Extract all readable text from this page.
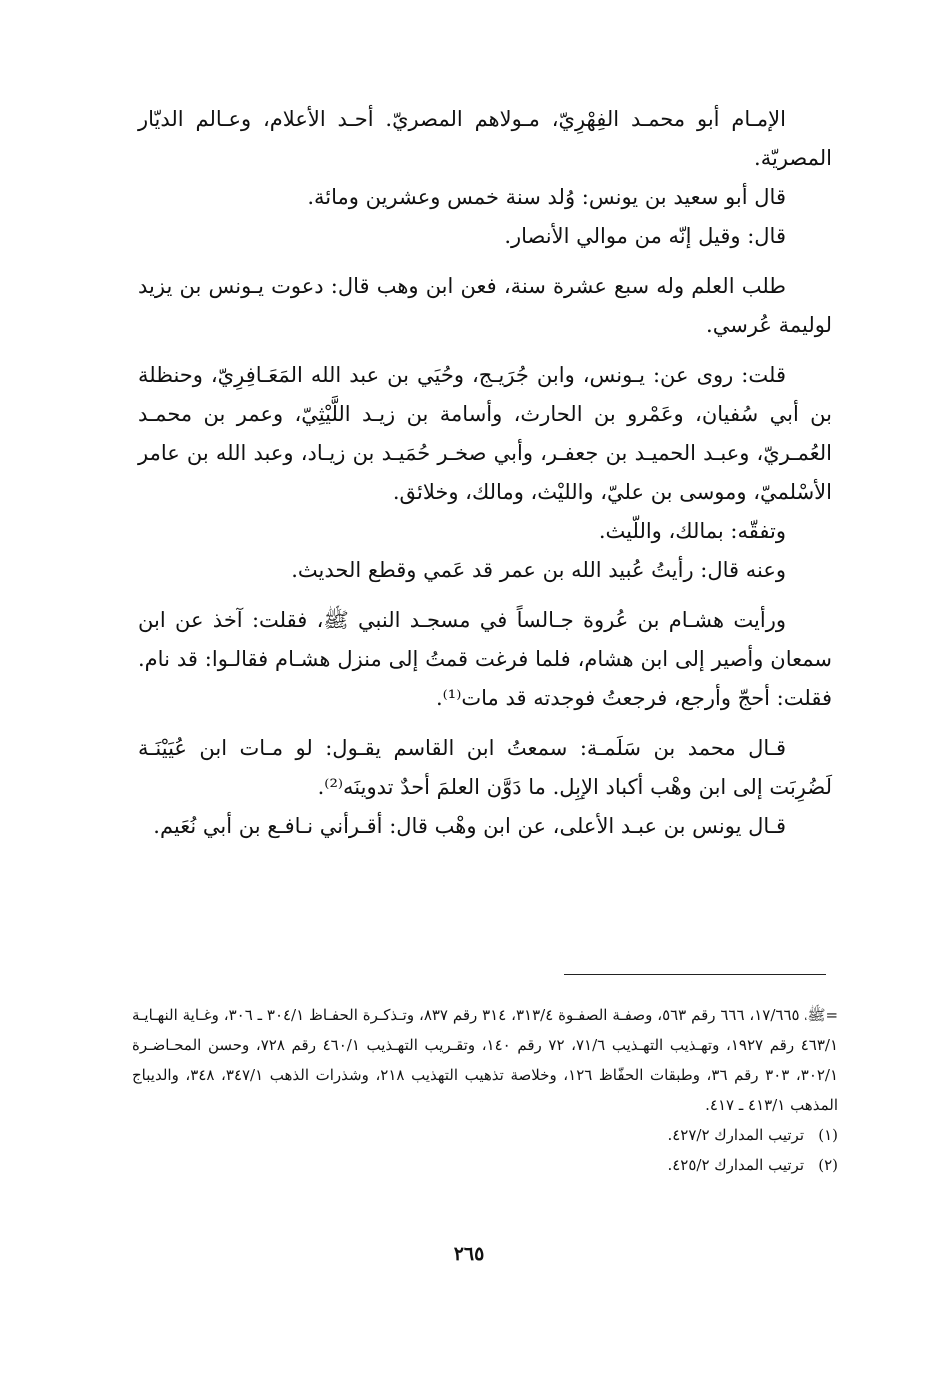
الإمـام أبو محمـد الفِهْرِيّ، مـولاهم المصريّ. أحـد الأعلام، وعـالم الديّار المصريّة.

قال أبو سعيد بن يونس: وُلد سنة خمس وعشرين ومائة.

قال: وقيل إنّه من موالي الأنصار.

طلب العلم وله سبع عشرة سنة، فعن ابن وهب قال: دعوت يـونس بن يزيد لوليمة عُرسي.

قلت: روى عن: يـونس، وابن جُرَيـج، وحُيَي بن عبد الله المَعَـافِرِيّ، وحنظلة بن أبي سُفيان، وعَمْرو بن الحارث، وأسامة بن زيـد اللَّيْثِيّ، وعمر بن محمـد العُمـريّ، وعبـد الحميـد بن جعفـر، وأبي صخـر حُمَيـد بن زيـاد، وعبد الله بن عامر الأسْلميّ، وموسى بن عليّ، والليْث، ومالك، وخلائق.

وتفقّه: بمالك، واللّيث.

وعنه قال: رأيتُ عُبيد الله بن عمر قد عَمي وقطع الحديث.

ورأيت هشـام بن عُروة جـالساً في مسجـد النبي ﷺ، فقلت: آخذ عن ابن سمعان وأصير إلى ابن هشام، فلما فرغت قمتُ إلى منزل هشـام فقالـوا: قد نام. فقلت: أحجّ وأرجع، فرجعتُ فوجدته قد مات⁽¹⁾.

قـال محمد بن سَلَمـة: سمعتُ ابن القاسم يقـول: لو مـات ابن عُيَيْنَـة لَضُرِبَت إلى ابن وهْب أكباد الإبِل. ما دَوَّن العلمَ أحدٌ تدوينَه⁽²⁾.

قـال يونس بن عبـد الأعلى، عن ابن وهْب قال: أقـرأني نـافـع بن أبي نُعَيم.

=ﷺ، ١٧/٦٦٥، ٦٦٦ رقم ٥٦٣، وصفـة الصفـوة ٣١٣/٤، ٣١٤ رقم ٨٣٧، وتـذكـرة الحفـاظ ٣٠٤/١ ـ ٣٠٦، وغـاية النهـايـة ٤٦٣/١ رقم ١٩٢٧، وتهـذيب التهـذيب ٧١/٦، ٧٢ رقم ١٤٠، وتقـريب التهـذيب ٤٦٠/١ رقم ٧٢٨، وحسن المحـاضـرة ٣٠٢/١، ٣٠٣ رقم ٣٦، وطبقات الحفّاظ ١٢٦، وخلاصة تذهيب التهذيب ٢١٨، وشذرات الذهب ٣٤٧/١، ٣٤٨، والديباج المذهب ٤١٣/١ ـ ٤١٧.

(١)ترتيب المدارك ٤٢٧/٢.

(٢)ترتيب المدارك ٤٢٥/٢.

٢٦٥
